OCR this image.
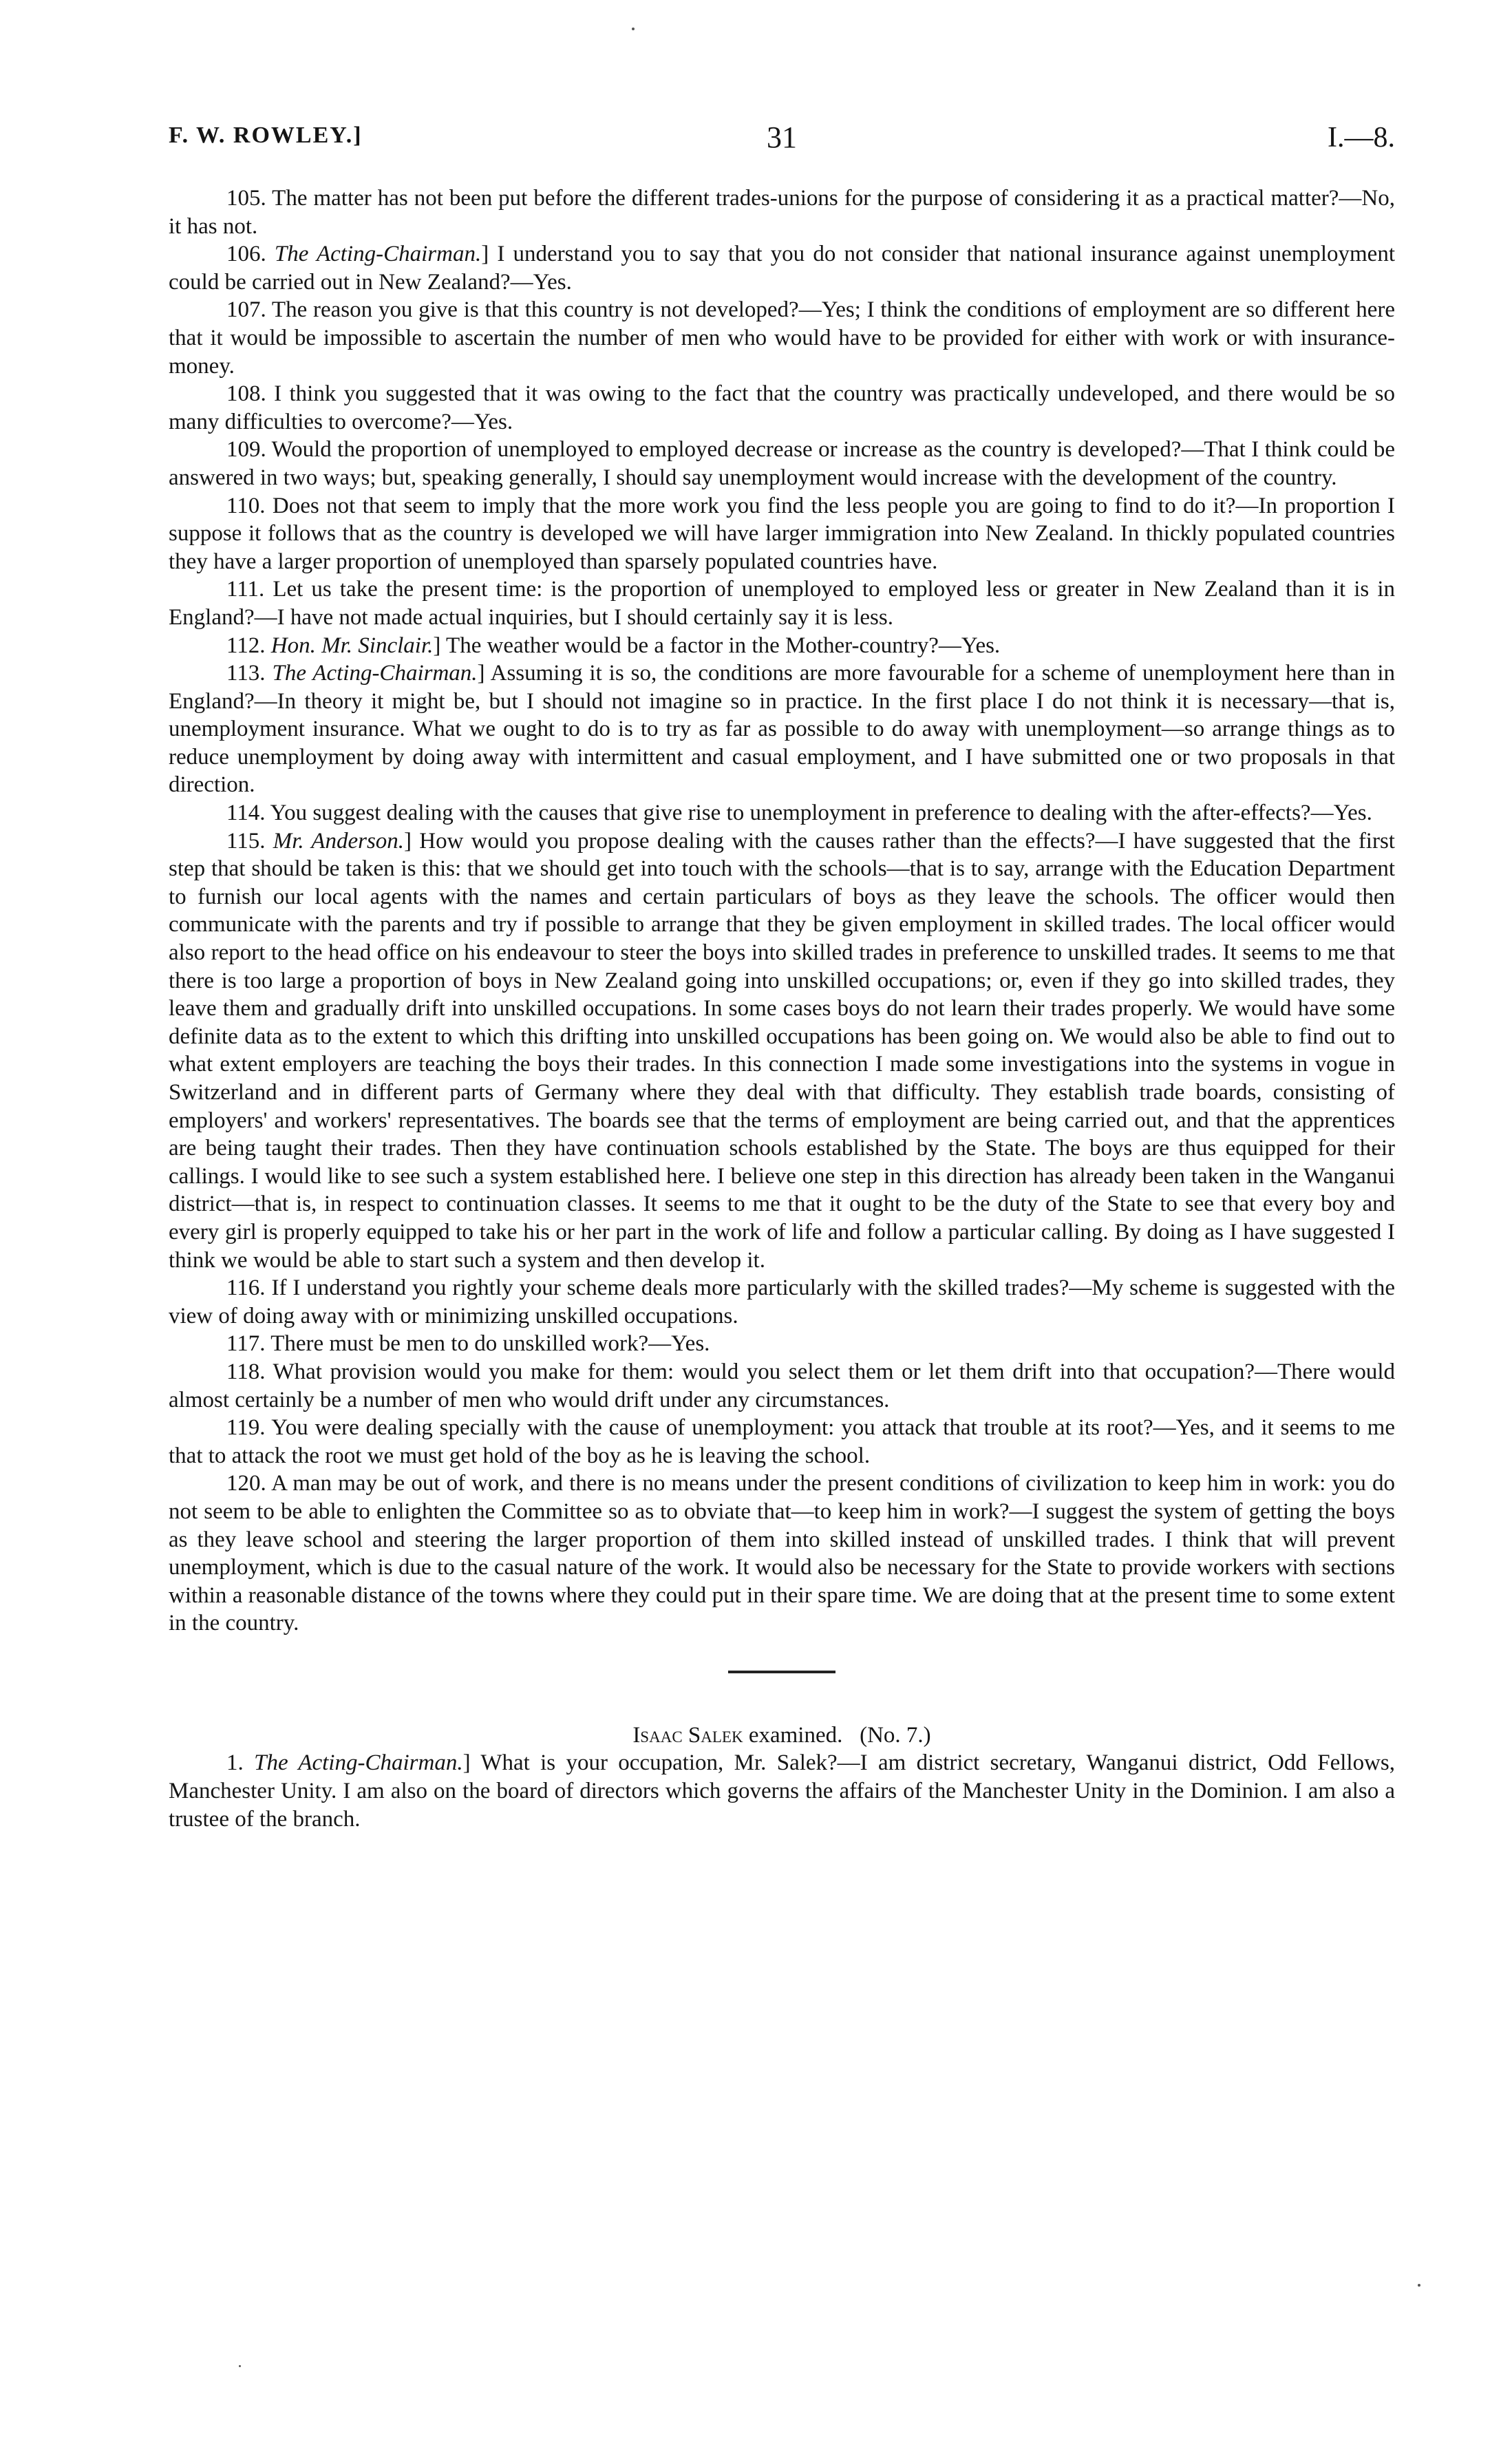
F. W. ROWLEY.]	31	I.—8.

105. The matter has not been put before the different trades-unions for the purpose of considering it as a practical matter?—No, it has not.

106. The Acting-Chairman.] I understand you to say that you do not consider that national insurance against unemployment could be carried out in New Zealand?—Yes.

107. The reason you give is that this country is not developed?—Yes; I think the conditions of employment are so different here that it would be impossible to ascertain the number of men who would have to be provided for either with work or with insurance-money.

108. I think you suggested that it was owing to the fact that the country was practically undeveloped, and there would be so many difficulties to overcome?—Yes.

109. Would the proportion of unemployed to employed decrease or increase as the country is developed?—That I think could be answered in two ways; but, speaking generally, I should say unemployment would increase with the development of the country.

110. Does not that seem to imply that the more work you find the less people you are going to find to do it?—In proportion I suppose it follows that as the country is developed we will have larger immigration into New Zealand. In thickly populated countries they have a larger proportion of unemployed than sparsely populated countries have.

111. Let us take the present time: is the proportion of unemployed to employed less or greater in New Zealand than it is in England?—I have not made actual inquiries, but I should certainly say it is less.

112. Hon. Mr. Sinclair.] The weather would be a factor in the Mother-country?—Yes.

113. The Acting-Chairman.] Assuming it is so, the conditions are more favourable for a scheme of unemployment here than in England?—In theory it might be, but I should not imagine so in practice. In the first place I do not think it is necessary—that is, unemployment insurance. What we ought to do is to try as far as possible to do away with unemployment—so arrange things as to reduce unemployment by doing away with intermittent and casual employment, and I have submitted one or two proposals in that direction.

114. You suggest dealing with the causes that give rise to unemployment in preference to dealing with the after-effects?—Yes.

115. Mr. Anderson.] How would you propose dealing with the causes rather than the effects?—I have suggested that the first step that should be taken is this: that we should get into touch with the schools—that is to say, arrange with the Education Department to furnish our local agents with the names and certain particulars of boys as they leave the schools. The officer would then communicate with the parents and try if possible to arrange that they be given employment in skilled trades. The local officer would also report to the head office on his endeavour to steer the boys into skilled trades in preference to unskilled trades. It seems to me that there is too large a proportion of boys in New Zealand going into unskilled occupations; or, even if they go into skilled trades, they leave them and gradually drift into unskilled occupations. In some cases boys do not learn their trades properly. We would have some definite data as to the extent to which this drifting into unskilled occupations has been going on. We would also be able to find out to what extent employers are teaching the boys their trades. In this connection I made some investigations into the systems in vogue in Switzerland and in different parts of Germany where they deal with that difficulty. They establish trade boards, consisting of employers' and workers' representatives. The boards see that the terms of employment are being carried out, and that the apprentices are being taught their trades. Then they have continuation schools established by the State. The boys are thus equipped for their callings. I would like to see such a system established here. I believe one step in this direction has already been taken in the Wanganui district—that is, in respect to continuation classes. It seems to me that it ought to be the duty of the State to see that every boy and every girl is properly equipped to take his or her part in the work of life and follow a particular calling. By doing as I have suggested I think we would be able to start such a system and then develop it.

116. If I understand you rightly your scheme deals more particularly with the skilled trades?—My scheme is suggested with the view of doing away with or minimizing unskilled occupations.

117. There must be men to do unskilled work?—Yes.

118. What provision would you make for them: would you select them or let them drift into that occupation?—There would almost certainly be a number of men who would drift under any circumstances.

119. You were dealing specially with the cause of unemployment: you attack that trouble at its root?—Yes, and it seems to me that to attack the root we must get hold of the boy as he is leaving the school.

120. A man may be out of work, and there is no means under the present conditions of civilization to keep him in work: you do not seem to be able to enlighten the Committee so as to obviate that—to keep him in work?—I suggest the system of getting the boys as they leave school and steering the larger proportion of them into skilled instead of unskilled trades. I think that will prevent unemployment, which is due to the casual nature of the work. It would also be necessary for the State to provide workers with sections within a reasonable distance of the towns where they could put in their spare time. We are doing that at the present time to some extent in the country.

Isaac Salek examined. (No. 7.)

1. The Acting-Chairman.] What is your occupation, Mr. Salek?—I am district secretary, Wanganui district, Odd Fellows, Manchester Unity. I am also on the board of directors which governs the affairs of the Manchester Unity in the Dominion. I am also a trustee of the branch.
